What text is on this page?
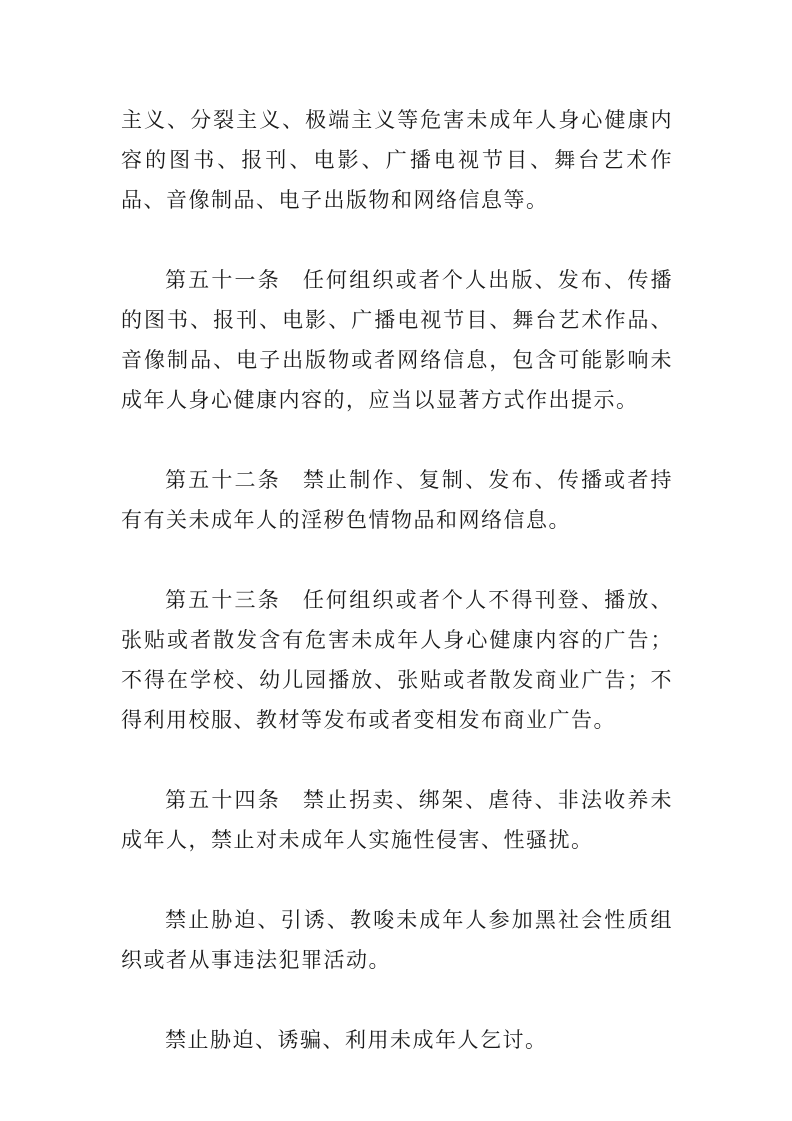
主义、分裂主义、极端主义等危害未成年人身心健康内容的图书、报刊、电影、广播电视节目、舞台艺术作品、音像制品、电子出版物和网络信息等。

第五十一条 任何组织或者个人出版、发布、传播的图书、报刊、电影、广播电视节目、舞台艺术作品、音像制品、电子出版物或者网络信息，包含可能影响未成年人身心健康内容的，应当以显著方式作出提示。

第五十二条 禁止制作、复制、发布、传播或者持有有关未成年人的淫秽色情物品和网络信息。

第五十三条 任何组织或者个人不得刊登、播放、张贴或者散发含有危害未成年人身心健康内容的广告；不得在学校、幼儿园播放、张贴或者散发商业广告；不得利用校服、教材等发布或者变相发布商业广告。

第五十四条 禁止拐卖、绑架、虐待、非法收养未成年人，禁止对未成年人实施性侵害、性骚扰。

禁止胁迫、引诱、教唆未成年人参加黑社会性质组织或者从事违法犯罪活动。

禁止胁迫、诱骗、利用未成年人乞讨。
